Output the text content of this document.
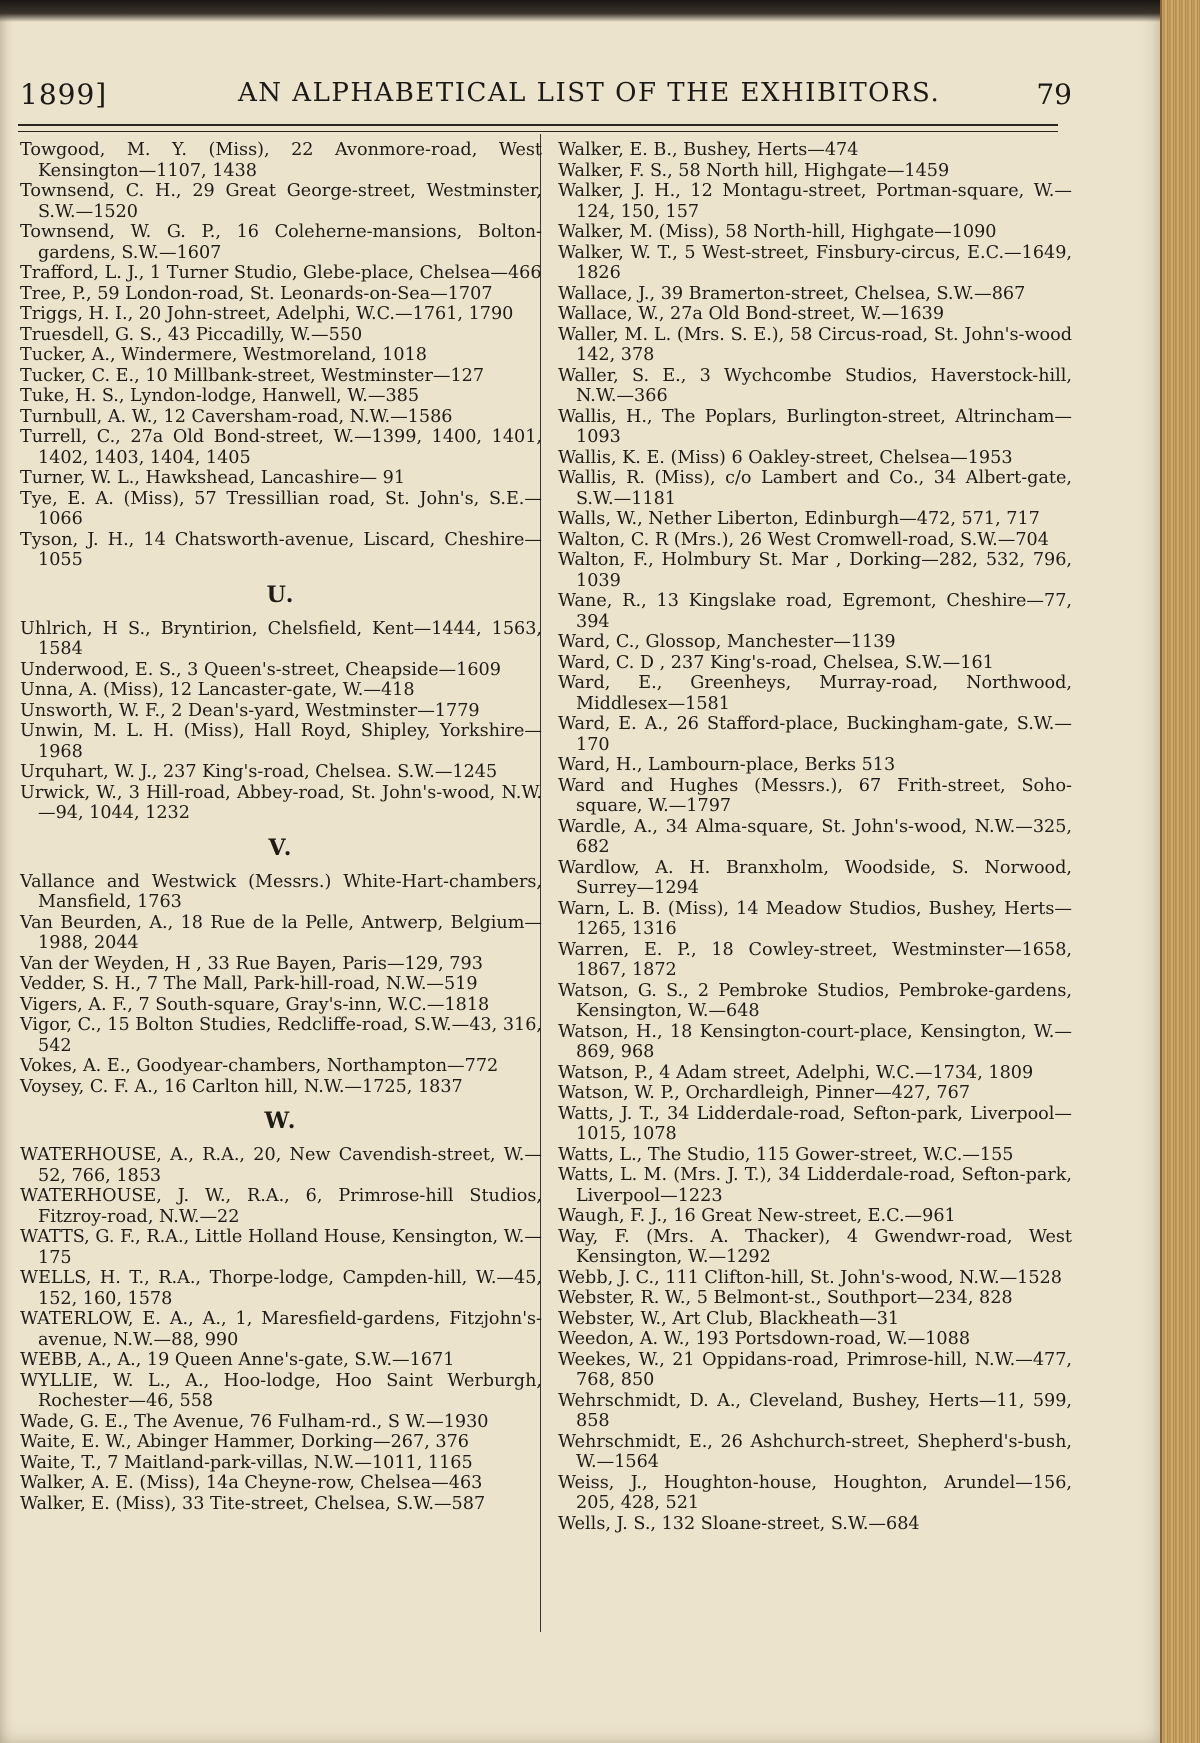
1899]	AN ALPHABETICAL LIST OF THE EXHIBITORS.	79

Towgood, M. Y. (Miss), 22 Avonmore-road, West Kensington—1107, 1438

Townsend, C. H., 29 Great George-street, Westminster, S.W.—1520

Townsend, W. G. P., 16 Coleherne-mansions, Bolton-gardens, S.W.—1607

Trafford, L. J., 1 Turner Studio, Glebe-place, Chelsea—466

Tree, P., 59 London-road, St. Leonards-on-Sea—1707

Triggs, H. I., 20 John-street, Adelphi, W.C.—1761, 1790

Truesdell, G. S., 43 Piccadilly, W.—550

Tucker, A., Windermere, Westmoreland, 1018

Tucker, C. E., 10 Millbank-street, Westminster—127

Tuke, H. S., Lyndon-lodge, Hanwell, W.—385

Turnbull, A. W., 12 Caversham-road, N.W.—1586

Turrell, C., 27a Old Bond-street, W.—1399, 1400, 1401, 1402, 1403, 1404, 1405

Turner, W. L., Hawkshead, Lancashire— 91

Tye, E. A. (Miss), 57 Tressillian road, St. John's, S.E.—1066

Tyson, J. H., 14 Chatsworth-avenue, Liscard, Cheshire—1055

U.

Uhlrich, H S., Bryntirion, Chelsfield, Kent—1444, 1563, 1584

Underwood, E. S., 3 Queen's-street, Cheapside—1609

Unna, A. (Miss), 12 Lancaster-gate, W.—418

Unsworth, W. F., 2 Dean's-yard, Westminster—1779

Unwin, M. L. H. (Miss), Hall Royd, Shipley, Yorkshire—1968

Urquhart, W. J., 237 King's-road, Chelsea. S.W.—1245

Urwick, W., 3 Hill-road, Abbey-road, St. John's-wood, N.W.—94, 1044, 1232

V.

Vallance and Westwick (Messrs.) White-Hart-chambers, Mansfield, 1763

Van Beurden, A., 18 Rue de la Pelle, Antwerp, Belgium—1988, 2044

Van der Weyden, H , 33 Rue Bayen, Paris—129, 793

Vedder, S. H., 7 The Mall, Park-hill-road, N.W.—519

Vigers, A. F., 7 South-square, Gray's-inn, W.C.—1818

Vigor, C., 15 Bolton Studies, Redcliffe-road, S.W.—43, 316, 542

Vokes, A. E., Goodyear-chambers, Northampton—772

Voysey, C. F. A., 16 Carlton hill, N.W.—1725, 1837

W.

WATERHOUSE, A., R.A., 20, New Cavendish-street, W.—52, 766, 1853

WATERHOUSE, J. W., R.A., 6, Primrose-hill Studios, Fitzroy-road, N.W.—22

WATTS, G. F., R.A., Little Holland House, Kensington, W.—175

WELLS, H. T., R.A., Thorpe-lodge, Campden-hill, W.—45, 152, 160, 1578

WATERLOW, E. A., A., 1, Maresfield-gardens, Fitzjohn's-avenue, N.W.—88, 990

WEBB, A., A., 19 Queen Anne's-gate, S.W.—1671

WYLLIE, W. L., A., Hoo-lodge, Hoo Saint Werburgh, Rochester—46, 558

Wade, G. E., The Avenue, 76 Fulham-rd., S W.—1930

Waite, E. W., Abinger Hammer, Dorking—267, 376

Waite, T., 7 Maitland-park-villas, N.W.—1011, 1165

Walker, A. E. (Miss), 14a Cheyne-row, Chelsea—463

Walker, E. (Miss), 33 Tite-street, Chelsea, S.W.—587

Walker, E. B., Bushey, Herts—474

Walker, F. S., 58 North hill, Highgate—1459

Walker, J. H., 12 Montagu-street, Portman-square, W.—124, 150, 157

Walker, M. (Miss), 58 North-hill, Highgate—1090

Walker, W. T., 5 West-street, Finsbury-circus, E.C.—1649, 1826

Wallace, J., 39 Bramerton-street, Chelsea, S.W.—867

Wallace, W., 27a Old Bond-street, W.—1639

Waller, M. L. (Mrs. S. E.), 58 Circus-road, St. John's-wood 142, 378

Waller, S. E., 3 Wychcombe Studios, Haverstock-hill, N.W.—366

Wallis, H., The Poplars, Burlington-street, Altrincham—1093

Wallis, K. E. (Miss) 6 Oakley-street, Chelsea—1953

Wallis, R. (Miss), c/o Lambert and Co., 34 Albert-gate, S.W.—1181

Walls, W., Nether Liberton, Edinburgh—472, 571, 717

Walton, C. R (Mrs.), 26 West Cromwell-road, S.W.—704

Walton, F., Holmbury St. Mar , Dorking—282, 532, 796, 1039

Wane, R., 13 Kingslake road, Egremont, Cheshire—77, 394

Ward, C., Glossop, Manchester—1139

Ward, C. D , 237 King's-road, Chelsea, S.W.—161

Ward, E., Greenheys, Murray-road, Northwood, Middlesex—1581

Ward, E. A., 26 Stafford-place, Buckingham-gate, S.W.—170

Ward, H., Lambourn-place, Berks 513

Ward and Hughes (Messrs.), 67 Frith-street, Soho-square, W.—1797

Wardle, A., 34 Alma-square, St. John's-wood, N.W.—325, 682

Wardlow, A. H. Branxholm, Woodside, S. Norwood, Surrey—1294

Warn, L. B. (Miss), 14 Meadow Studios, Bushey, Herts—1265, 1316

Warren, E. P., 18 Cowley-street, Westminster—1658, 1867, 1872

Watson, G. S., 2 Pembroke Studios, Pembroke-gardens, Kensington, W.—648

Watson, H., 18 Kensington-court-place, Kensington, W.—869, 968

Watson, P., 4 Adam street, Adelphi, W.C.—1734, 1809

Watson, W. P., Orchardleigh, Pinner—427, 767

Watts, J. T., 34 Lidderdale-road, Sefton-park, Liverpool—1015, 1078

Watts, L., The Studio, 115 Gower-street, W.C.—155

Watts, L. M. (Mrs. J. T.), 34 Lidderdale-road, Sefton-park, Liverpool—1223

Waugh, F. J., 16 Great New-street, E.C.—961

Way, F. (Mrs. A. Thacker), 4 Gwendwr-road, West Kensington, W.—1292

Webb, J. C., 111 Clifton-hill, St. John's-wood, N.W.—1528

Webster, R. W., 5 Belmont-st., Southport—234, 828

Webster, W., Art Club, Blackheath—31

Weedon, A. W., 193 Portsdown-road, W.—1088

Weekes, W., 21 Oppidans-road, Primrose-hill, N.W.—477, 768, 850

Wehrschmidt, D. A., Cleveland, Bushey, Herts—11, 599, 858

Wehrschmidt, E., 26 Ashchurch-street, Shepherd's-bush, W.—1564

Weiss, J., Houghton-house, Houghton, Arundel—156, 205, 428, 521

Wells, J. S., 132 Sloane-street, S.W.—684
